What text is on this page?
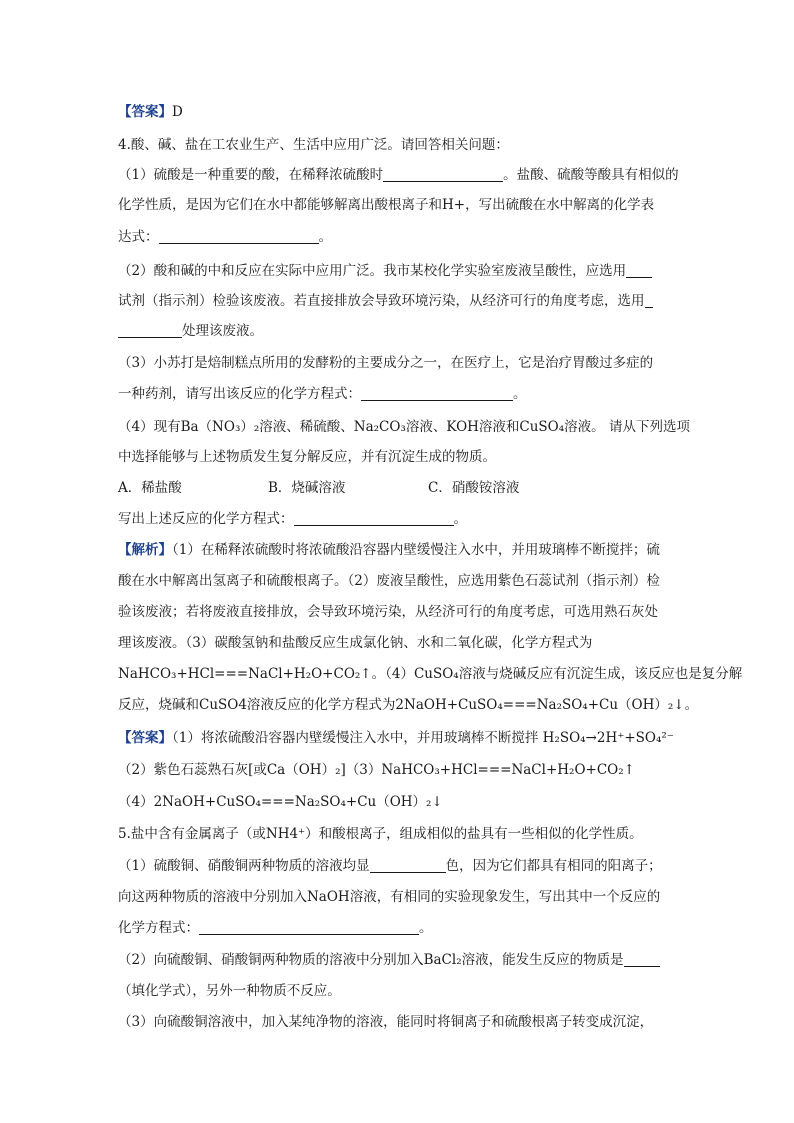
【答案】D
4.酸、碱、盐在工农业生产、生活中应用广泛。请回答相关问题：
（1）硫酸是一种重要的酸，在稀释浓硫酸时	。盐酸、硫酸等酸具有相似的
化学性质，是因为它们在水中都能够解离出酸根离子和H+，写出硫酸在水中解离的化学表
达式：	。
（2）酸和碱的中和反应在实际中应用广泛。我市某校化学实验室废液呈酸性，应选用
试剂（指示剂）检验该废液。若直接排放会导致环境污染，从经济可行的角度考虑，选用
处理该废液。
（3）小苏打是焙制糕点所用的发酵粉的主要成分之一，在医疗上，它是治疗胃酸过多症的
一种药剂，请写出该反应的化学方程式：	。
（4）现有Ba（NO₃）₂溶液、稀硫酸、Na₂CO₃溶液、KOH溶液和CuSO₄溶液。 请从下列选项
中选择能够与上述物质发生复分解反应，并有沉淀生成的物质。
A．稀盐酸	B．烧碱溶液	C．硝酸铵溶液
写出上述反应的化学方程式：	。
【解析】（1）在稀释浓硫酸时将浓硫酸沿容器内壁缓慢注入水中，并用玻璃棒不断搅拌；硫
酸在水中解离出氢离子和硫酸根离子。（2）废液呈酸性，应选用紫色石蕊试剂（指示剂）检
验该废液；若将废液直接排放，会导致环境污染，从经济可行的角度考虑，可选用熟石灰处
理该废液。（3）碳酸氢钠和盐酸反应生成氯化钠、水和二氧化碳，化学方程式为
NaHCO₃+HCl===NaCl+H₂O+CO₂↑。（4）CuSO₄溶液与烧碱反应有沉淀生成，该反应也是复分解
反应，烧碱和CuSO4溶液反应的化学方程式为2NaOH+CuSO₄===Na₂SO₄+Cu（OH）₂↓。
【答案】（1）将浓硫酸沿容器内壁缓慢注入水中，并用玻璃棒不断搅拌 H₂SO₄→2H⁺+SO₄²⁻
（2）紫色石蕊熟石灰[或Ca（OH）₂]（3）NaHCO₃+HCl===NaCl+H₂O+CO₂↑
（4）2NaOH+CuSO₄===Na₂SO₄+Cu（OH）₂↓
5.盐中含有金属离子（或NH4⁺）和酸根离子，组成相似的盐具有一些相似的化学性质。
（1）硫酸铜、硝酸铜两种物质的溶液均显	色，因为它们都具有相同的阳离子；
向这两种物质的溶液中分别加入NaOH溶液，有相同的实验现象发生，写出其中一个反应的
化学方程式：	。
（2）向硫酸铜、硝酸铜两种物质的溶液中分别加入BaCl₂溶液，能发生反应的物质是
（填化学式），另外一种物质不反应。
（3）向硫酸铜溶液中，加入某纯净物的溶液，能同时将铜离子和硫酸根离子转变成沉淀，
